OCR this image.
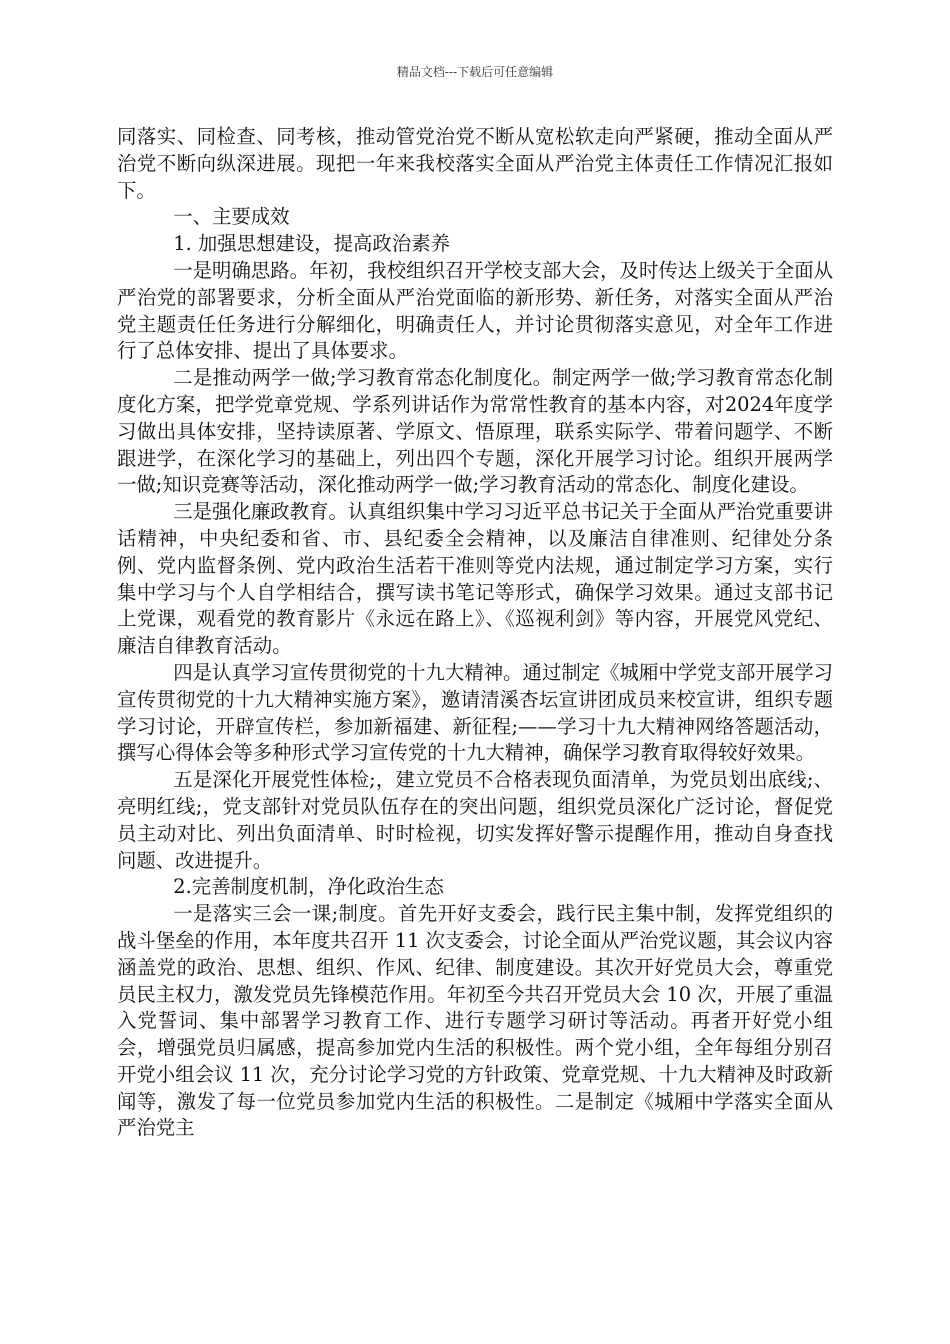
精品文档---下载后可任意编辑

同落实、同检查、同考核，推动管党治党不断从宽松软走向严紧硬，推动全面从严治党不断向纵深进展。现把一年来我校落实全面从严治党主体责任工作情况汇报如下。

一、主要成效

1. 加强思想建设，提高政治素养

一是明确思路。年初，我校组织召开学校支部大会，及时传达上级关于全面从严治党的部署要求，分析全面从严治党面临的新形势、新任务，对落实全面从严治党主题责任任务进行分解细化，明确责任人，并讨论贯彻落实意见，对全年工作进行了总体安排、提出了具体要求。

二是推动两学一做;学习教育常态化制度化。制定两学一做;学习教育常态化制度化方案，把学党章党规、学系列讲话作为常常性教育的基本内容，对2024年度学习做出具体安排，坚持读原著、学原文、悟原理，联系实际学、带着问题学、不断跟进学，在深化学习的基础上，列出四个专题，深化开展学习讨论。组织开展两学一做;知识竞赛等活动，深化推动两学一做;学习教育活动的常态化、制度化建设。

三是强化廉政教育。认真组织集中学习习近平总书记关于全面从严治党重要讲话精神，中央纪委和省、市、县纪委全会精神，以及廉洁自律准则、纪律处分条例、党内监督条例、党内政治生活若干准则等党内法规，通过制定学习方案，实行集中学习与个人自学相结合，撰写读书笔记等形式，确保学习效果。通过支部书记上党课，观看党的教育影片《永远在路上》、《巡视利剑》等内容，开展党风党纪、廉洁自律教育活动。

四是认真学习宣传贯彻党的十九大精神。通过制定《城厢中学党支部开展学习宣传贯彻党的十九大精神实施方案》，邀请清溪杏坛宣讲团成员来校宣讲，组织专题学习讨论，开辟宣传栏，参加新福建、新征程;——学习十九大精神网络答题活动，撰写心得体会等多种形式学习宣传党的十九大精神，确保学习教育取得较好效果。

五是深化开展党性体检;，建立党员不合格表现负面清单，为党员划出底线;、亮明红线;，党支部针对党员队伍存在的突出问题，组织党员深化广泛讨论，督促党员主动对比、列出负面清单、时时检视，切实发挥好警示提醒作用，推动自身查找问题、改进提升。

2.完善制度机制，净化政治生态

一是落实三会一课;制度。首先开好支委会，践行民主集中制，发挥党组织的战斗堡垒的作用，本年度共召开 11 次支委会，讨论全面从严治党议题，其会议内容涵盖党的政治、思想、组织、作风、纪律、制度建设。其次开好党员大会，尊重党员民主权力，激发党员先锋模范作用。年初至今共召开党员大会 10 次，开展了重温入党誓词、集中部署学习教育工作、进行专题学习研讨等活动。再者开好党小组会，增强党员归属感，提高参加党内生活的积极性。两个党小组，全年每组分别召开党小组会议 11 次，充分讨论学习党的方针政策、党章党规、十九大精神及时政新闻等，激发了每一位党员参加党内生活的积极性。二是制定《城厢中学落实全面从严治党主
